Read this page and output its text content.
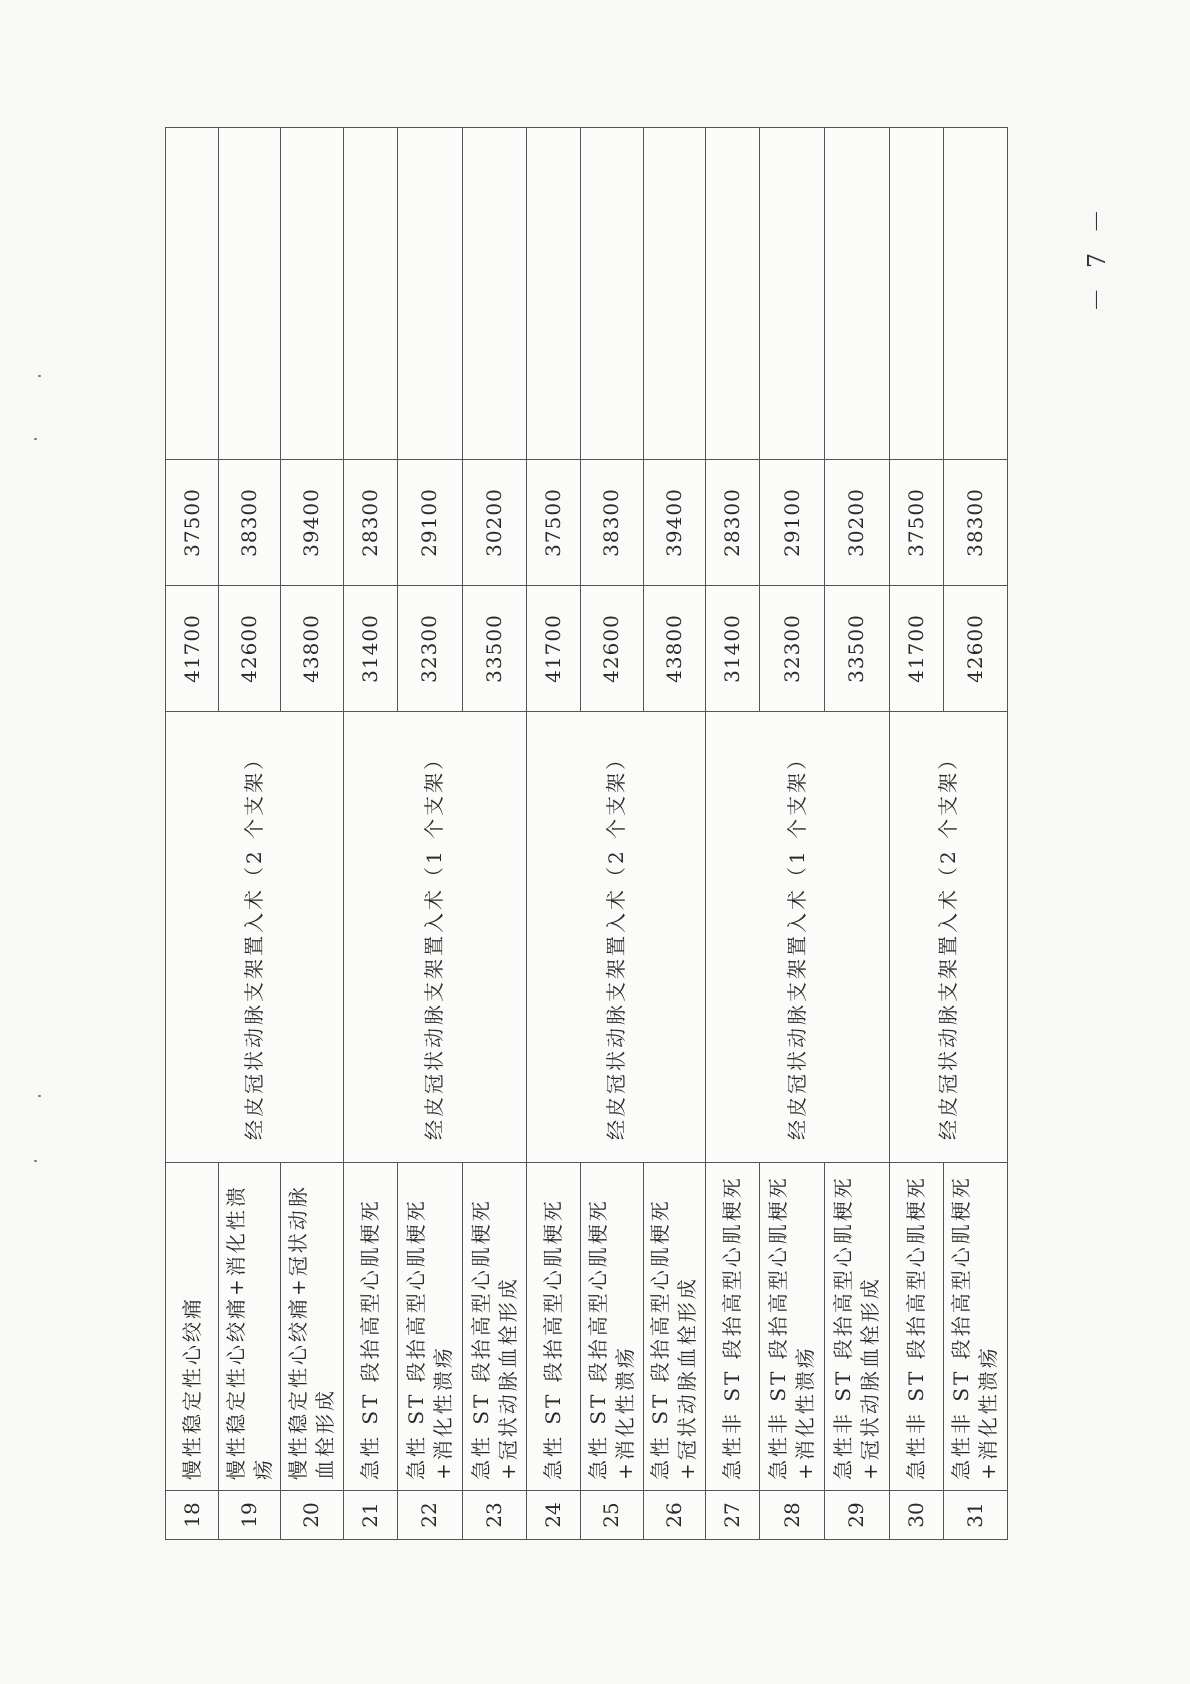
18	慢性稳定性心绞痛	经皮冠状动脉支架置入术（2 个支架）	41700	37500	
19	慢性稳定性心绞痛+消化性溃疡		42600	38300	
20	慢性稳定性心绞痛+冠状动脉血栓形成		43800	39400	
21	急性 ST 段抬高型心肌梗死	经皮冠状动脉支架置入术（1 个支架）	31400	28300	
22	急性 ST 段抬高型心肌梗死+消化性溃疡		32300	29100	
23	急性 ST 段抬高型心肌梗死+冠状动脉血栓形成		33500	30200	
24	急性 ST 段抬高型心肌梗死	经皮冠状动脉支架置入术（2 个支架）	41700	37500	
25	急性 ST 段抬高型心肌梗死+消化性溃疡		42600	38300	
26	急性 ST 段抬高型心肌梗死+冠状动脉血栓形成		43800	39400	
27	急性非 ST 段抬高型心肌梗死	经皮冠状动脉支架置入术（1 个支架）	31400	28300	
28	急性非 ST 段抬高型心肌梗死+消化性溃疡		32300	29100	
29	急性非 ST 段抬高型心肌梗死+冠状动脉血栓形成		33500	30200	
30	急性非 ST 段抬高型心肌梗死	经皮冠状动脉支架置入术（2 个支架）	41700	37500	
31	急性非 ST 段抬高型心肌梗死+消化性溃疡		42600	38300	
－ 7 －
